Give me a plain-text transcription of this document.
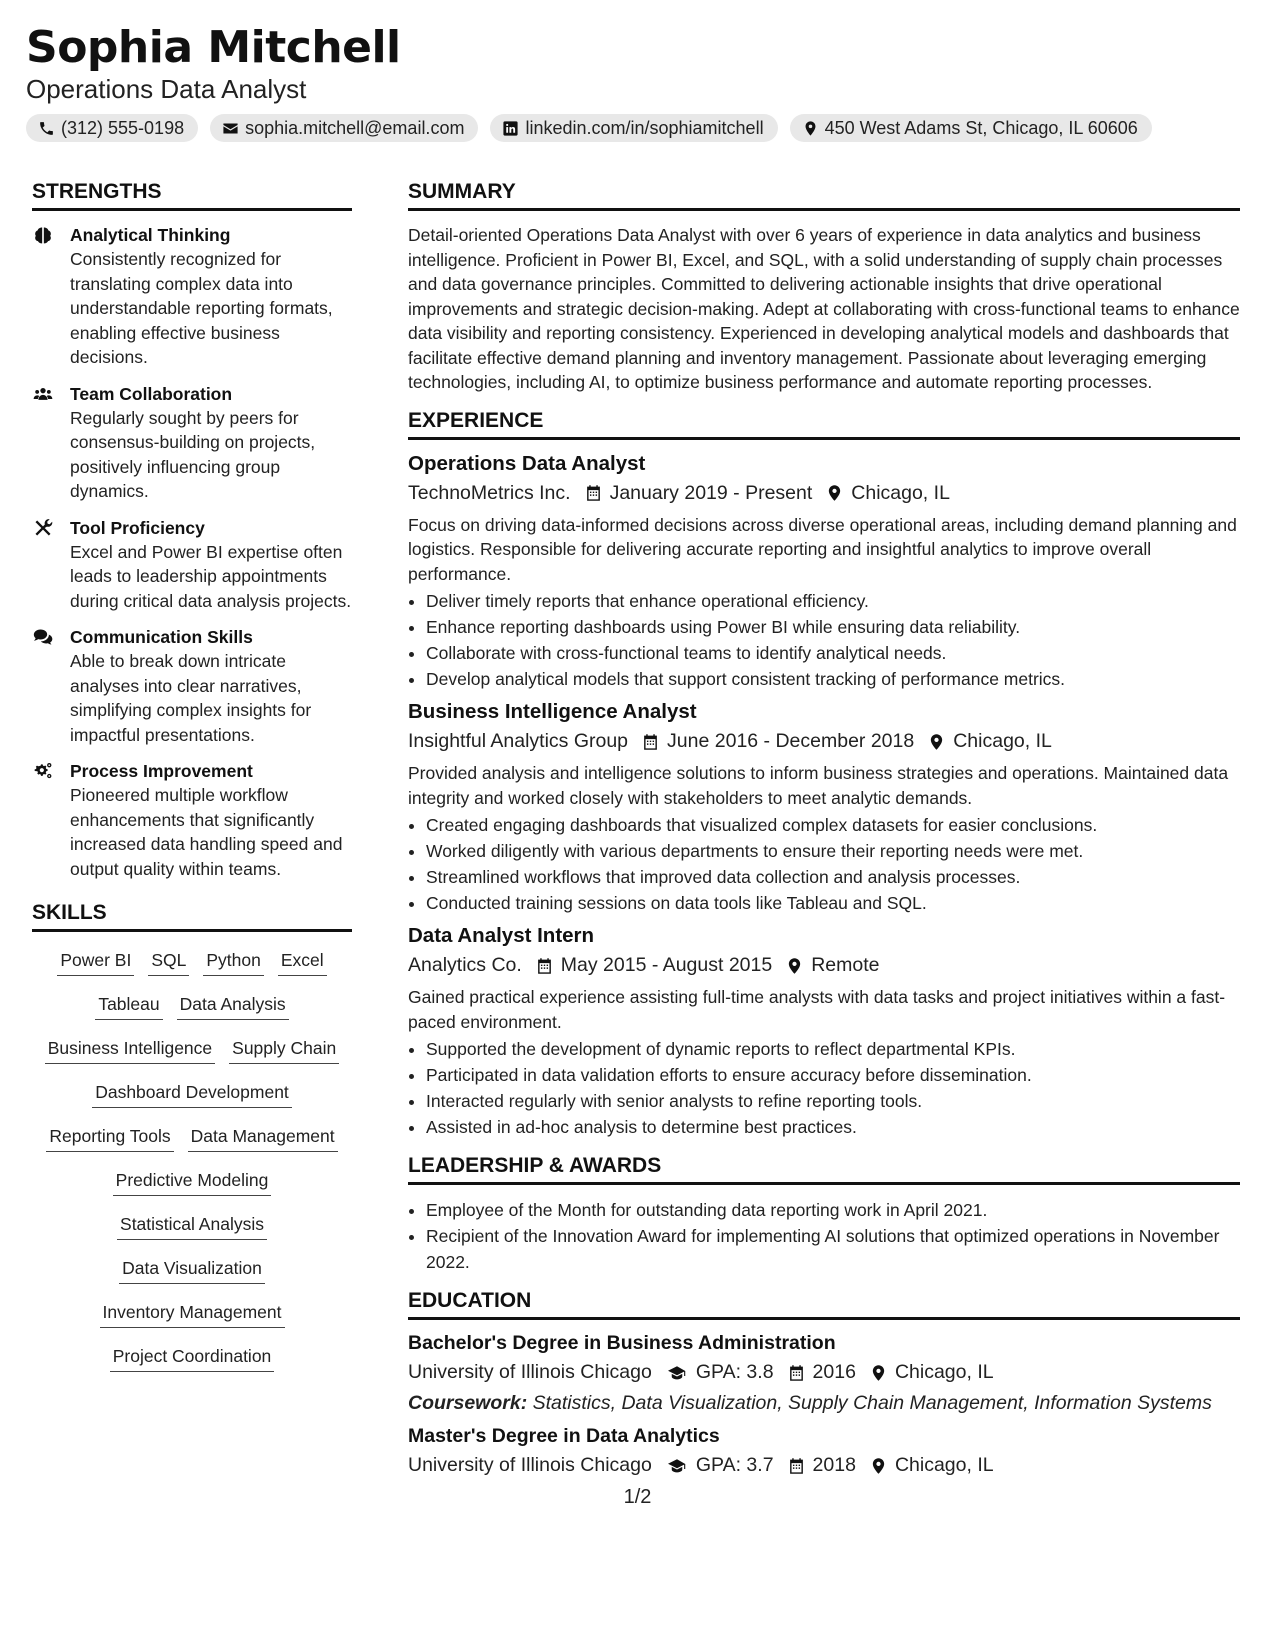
Sophia Mitchell
Operations Data Analyst
(312) 555-0198	sophia.mitchell@email.com	linkedin.com/in/sophiamitchell	450 West Adams St, Chicago, IL 60606
STRENGTHS
Analytical Thinking
Consistently recognized for translating complex data into understandable reporting formats, enabling effective business decisions.
Team Collaboration
Regularly sought by peers for consensus-building on projects, positively influencing group dynamics.
Tool Proficiency
Excel and Power BI expertise often leads to leadership appointments during critical data analysis projects.
Communication Skills
Able to break down intricate analyses into clear narratives, simplifying complex insights for impactful presentations.
Process Improvement
Pioneered multiple workflow enhancements that significantly increased data handling speed and output quality within teams.
SKILLS
Power BI SQL Python Excel
Tableau Data Analysis
Business Intelligence Supply Chain
Dashboard Development
Reporting Tools Data Management
Predictive Modeling
Statistical Analysis
Data Visualization
Inventory Management
Project Coordination
SUMMARY
Detail-oriented Operations Data Analyst with over 6 years of experience in data analytics and business intelligence. Proficient in Power BI, Excel, and SQL, with a solid understanding of supply chain processes and data governance principles. Committed to delivering actionable insights that drive operational improvements and strategic decision-making. Adept at collaborating with cross-functional teams to enhance data visibility and reporting consistency. Experienced in developing analytical models and dashboards that facilitate effective demand planning and inventory management. Passionate about leveraging emerging technologies, including AI, to optimize business performance and automate reporting processes.
EXPERIENCE
Operations Data Analyst
TechnoMetrics Inc. January 2019 - Present Chicago, IL
Focus on driving data-informed decisions across diverse operational areas, including demand planning and logistics. Responsible for delivering accurate reporting and insightful analytics to improve overall performance.
• Deliver timely reports that enhance operational efficiency.
• Enhance reporting dashboards using Power BI while ensuring data reliability.
• Collaborate with cross-functional teams to identify analytical needs.
• Develop analytical models that support consistent tracking of performance metrics.
Business Intelligence Analyst
Insightful Analytics Group June 2016 - December 2018 Chicago, IL
Provided analysis and intelligence solutions to inform business strategies and operations. Maintained data integrity and worked closely with stakeholders to meet analytic demands.
• Created engaging dashboards that visualized complex datasets for easier conclusions.
• Worked diligently with various departments to ensure their reporting needs were met.
• Streamlined workflows that improved data collection and analysis processes.
• Conducted training sessions on data tools like Tableau and SQL.
Data Analyst Intern
Analytics Co. May 2015 - August 2015 Remote
Gained practical experience assisting full-time analysts with data tasks and project initiatives within a fast-paced environment.
• Supported the development of dynamic reports to reflect departmental KPIs.
• Participated in data validation efforts to ensure accuracy before dissemination.
• Interacted regularly with senior analysts to refine reporting tools.
• Assisted in ad-hoc analysis to determine best practices.
LEADERSHIP & AWARDS
• Employee of the Month for outstanding data reporting work in April 2021.
• Recipient of the Innovation Award for implementing AI solutions that optimized operations in November 2022.
EDUCATION
Bachelor's Degree in Business Administration
University of Illinois Chicago GPA: 3.8 2016 Chicago, IL
Coursework: Statistics, Data Visualization, Supply Chain Management, Information Systems
Master's Degree in Data Analytics
University of Illinois Chicago GPA: 3.7 2018 Chicago, IL
1/2
